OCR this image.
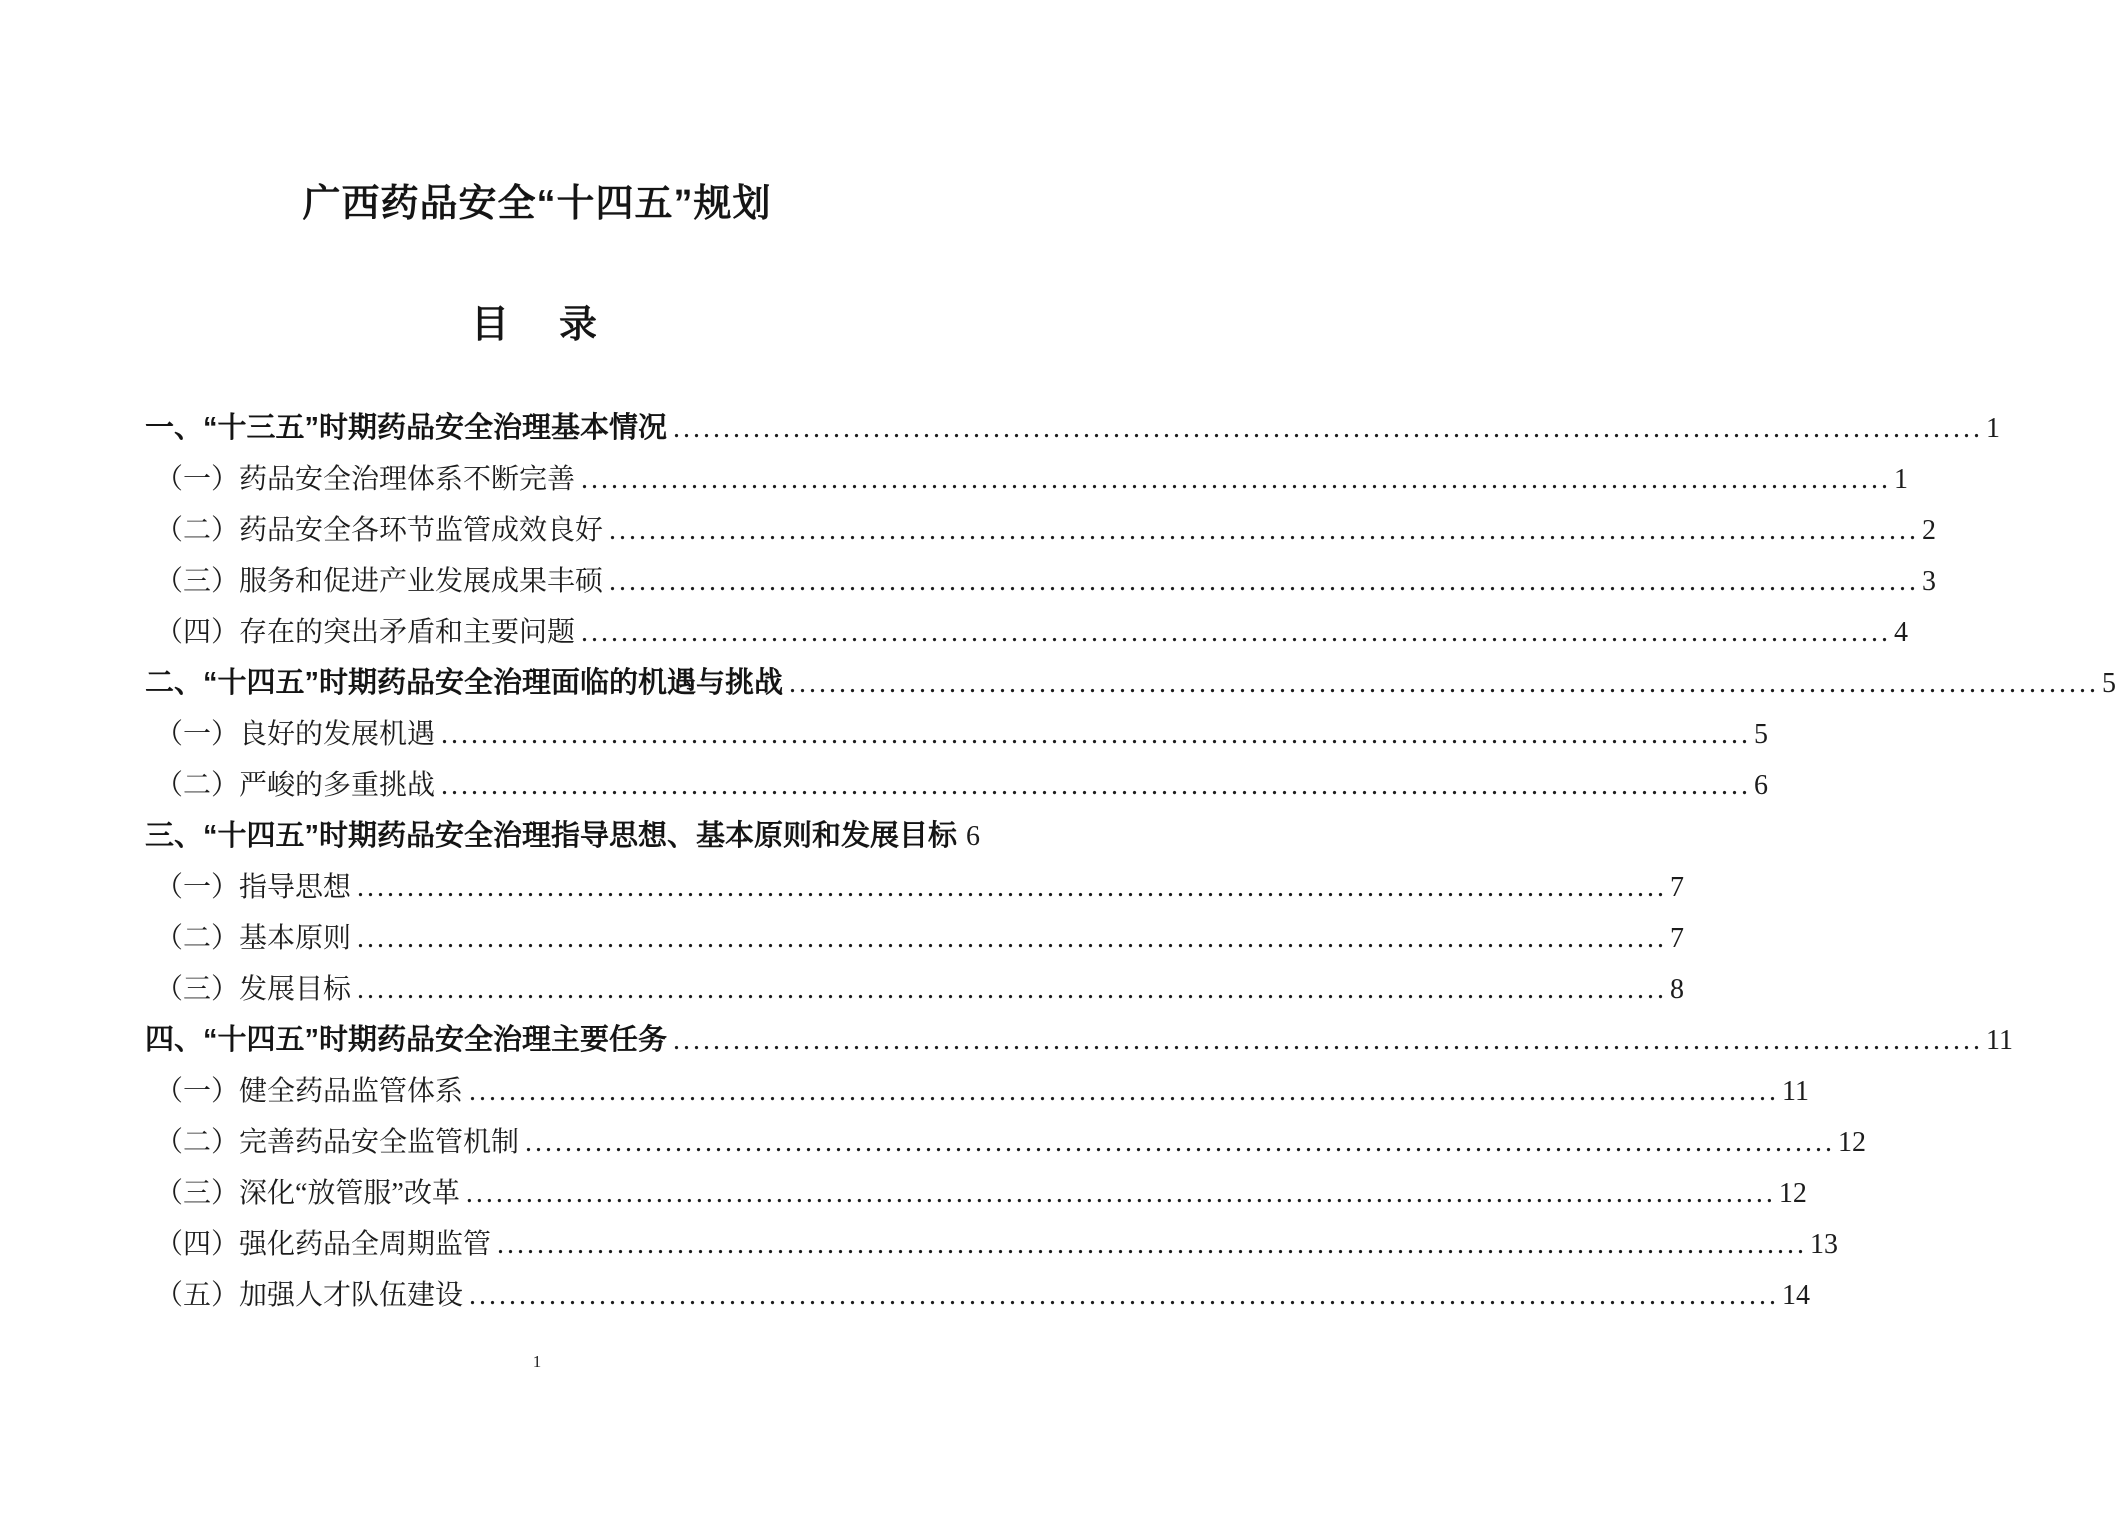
广西药品安全“十四五”规划
目　录
一、“十三五”时期药品安全治理基本情况 .....	1
（一）药品安全治理体系不断完善 .....	1
（二）药品安全各环节监管成效良好 .....	2
（三）服务和促进产业发展成果丰硕 .....	3
（四）存在的突出矛盾和主要问题 .....	4
二、“十四五”时期药品安全治理面临的机遇与挑战 .....	5
（一）良好的发展机遇 .....	5
（二）严峻的多重挑战 .....	6
三、“十四五”时期药品安全治理指导思想、基本原则和发展目标 6
（一）指导思想 .....	7
（二）基本原则 .....	7
（三）发展目标 .....	8
四、“十四五”时期药品安全治理主要任务 .....	11
（一）健全药品监管体系 .....	11
（二）完善药品安全监管机制 .....	12
（三）深化“放管服”改革 .....	12
（四）强化药品全周期监管 .....	13
（五）加强人才队伍建设 .....	14
1
